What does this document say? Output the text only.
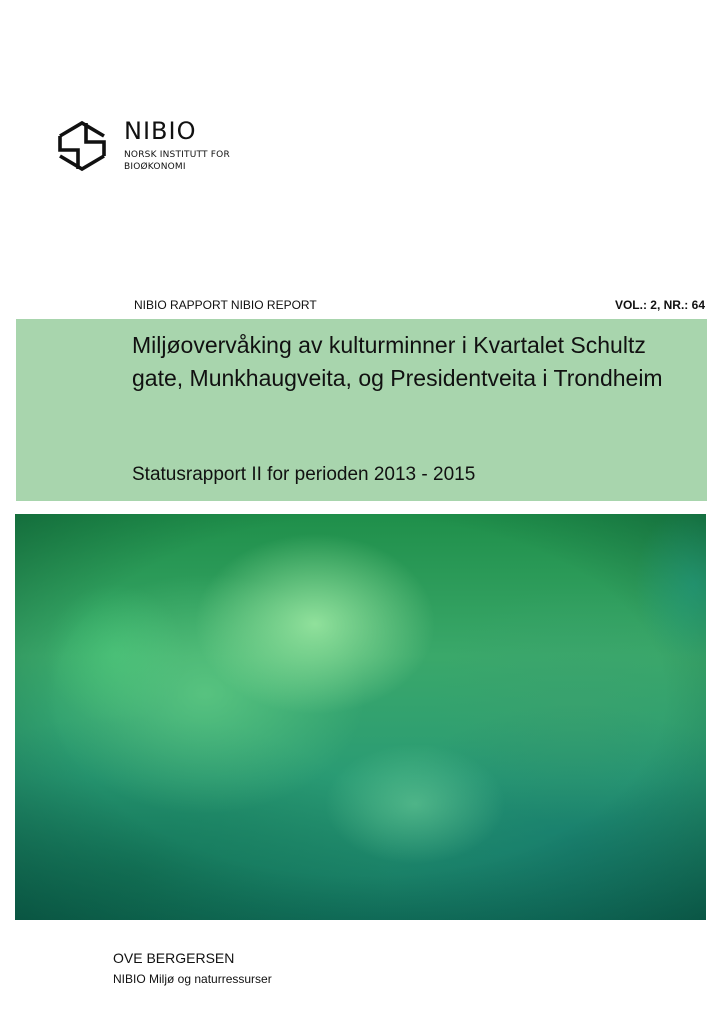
NIBIO
NORSK INSTITUTT FOR
BIOØKONOMI
NIBIO RAPPORT NIBIO REPORT	VOL.: 2, NR.: 64
Miljøovervåking av kulturminner i Kvartalet Schultz gate, Munkhaugveita, og Presidentveita i Trondheim
Statusrapport II for perioden 2013 - 2015
OVE BERGERSEN
NIBIO Miljø og naturressurser
